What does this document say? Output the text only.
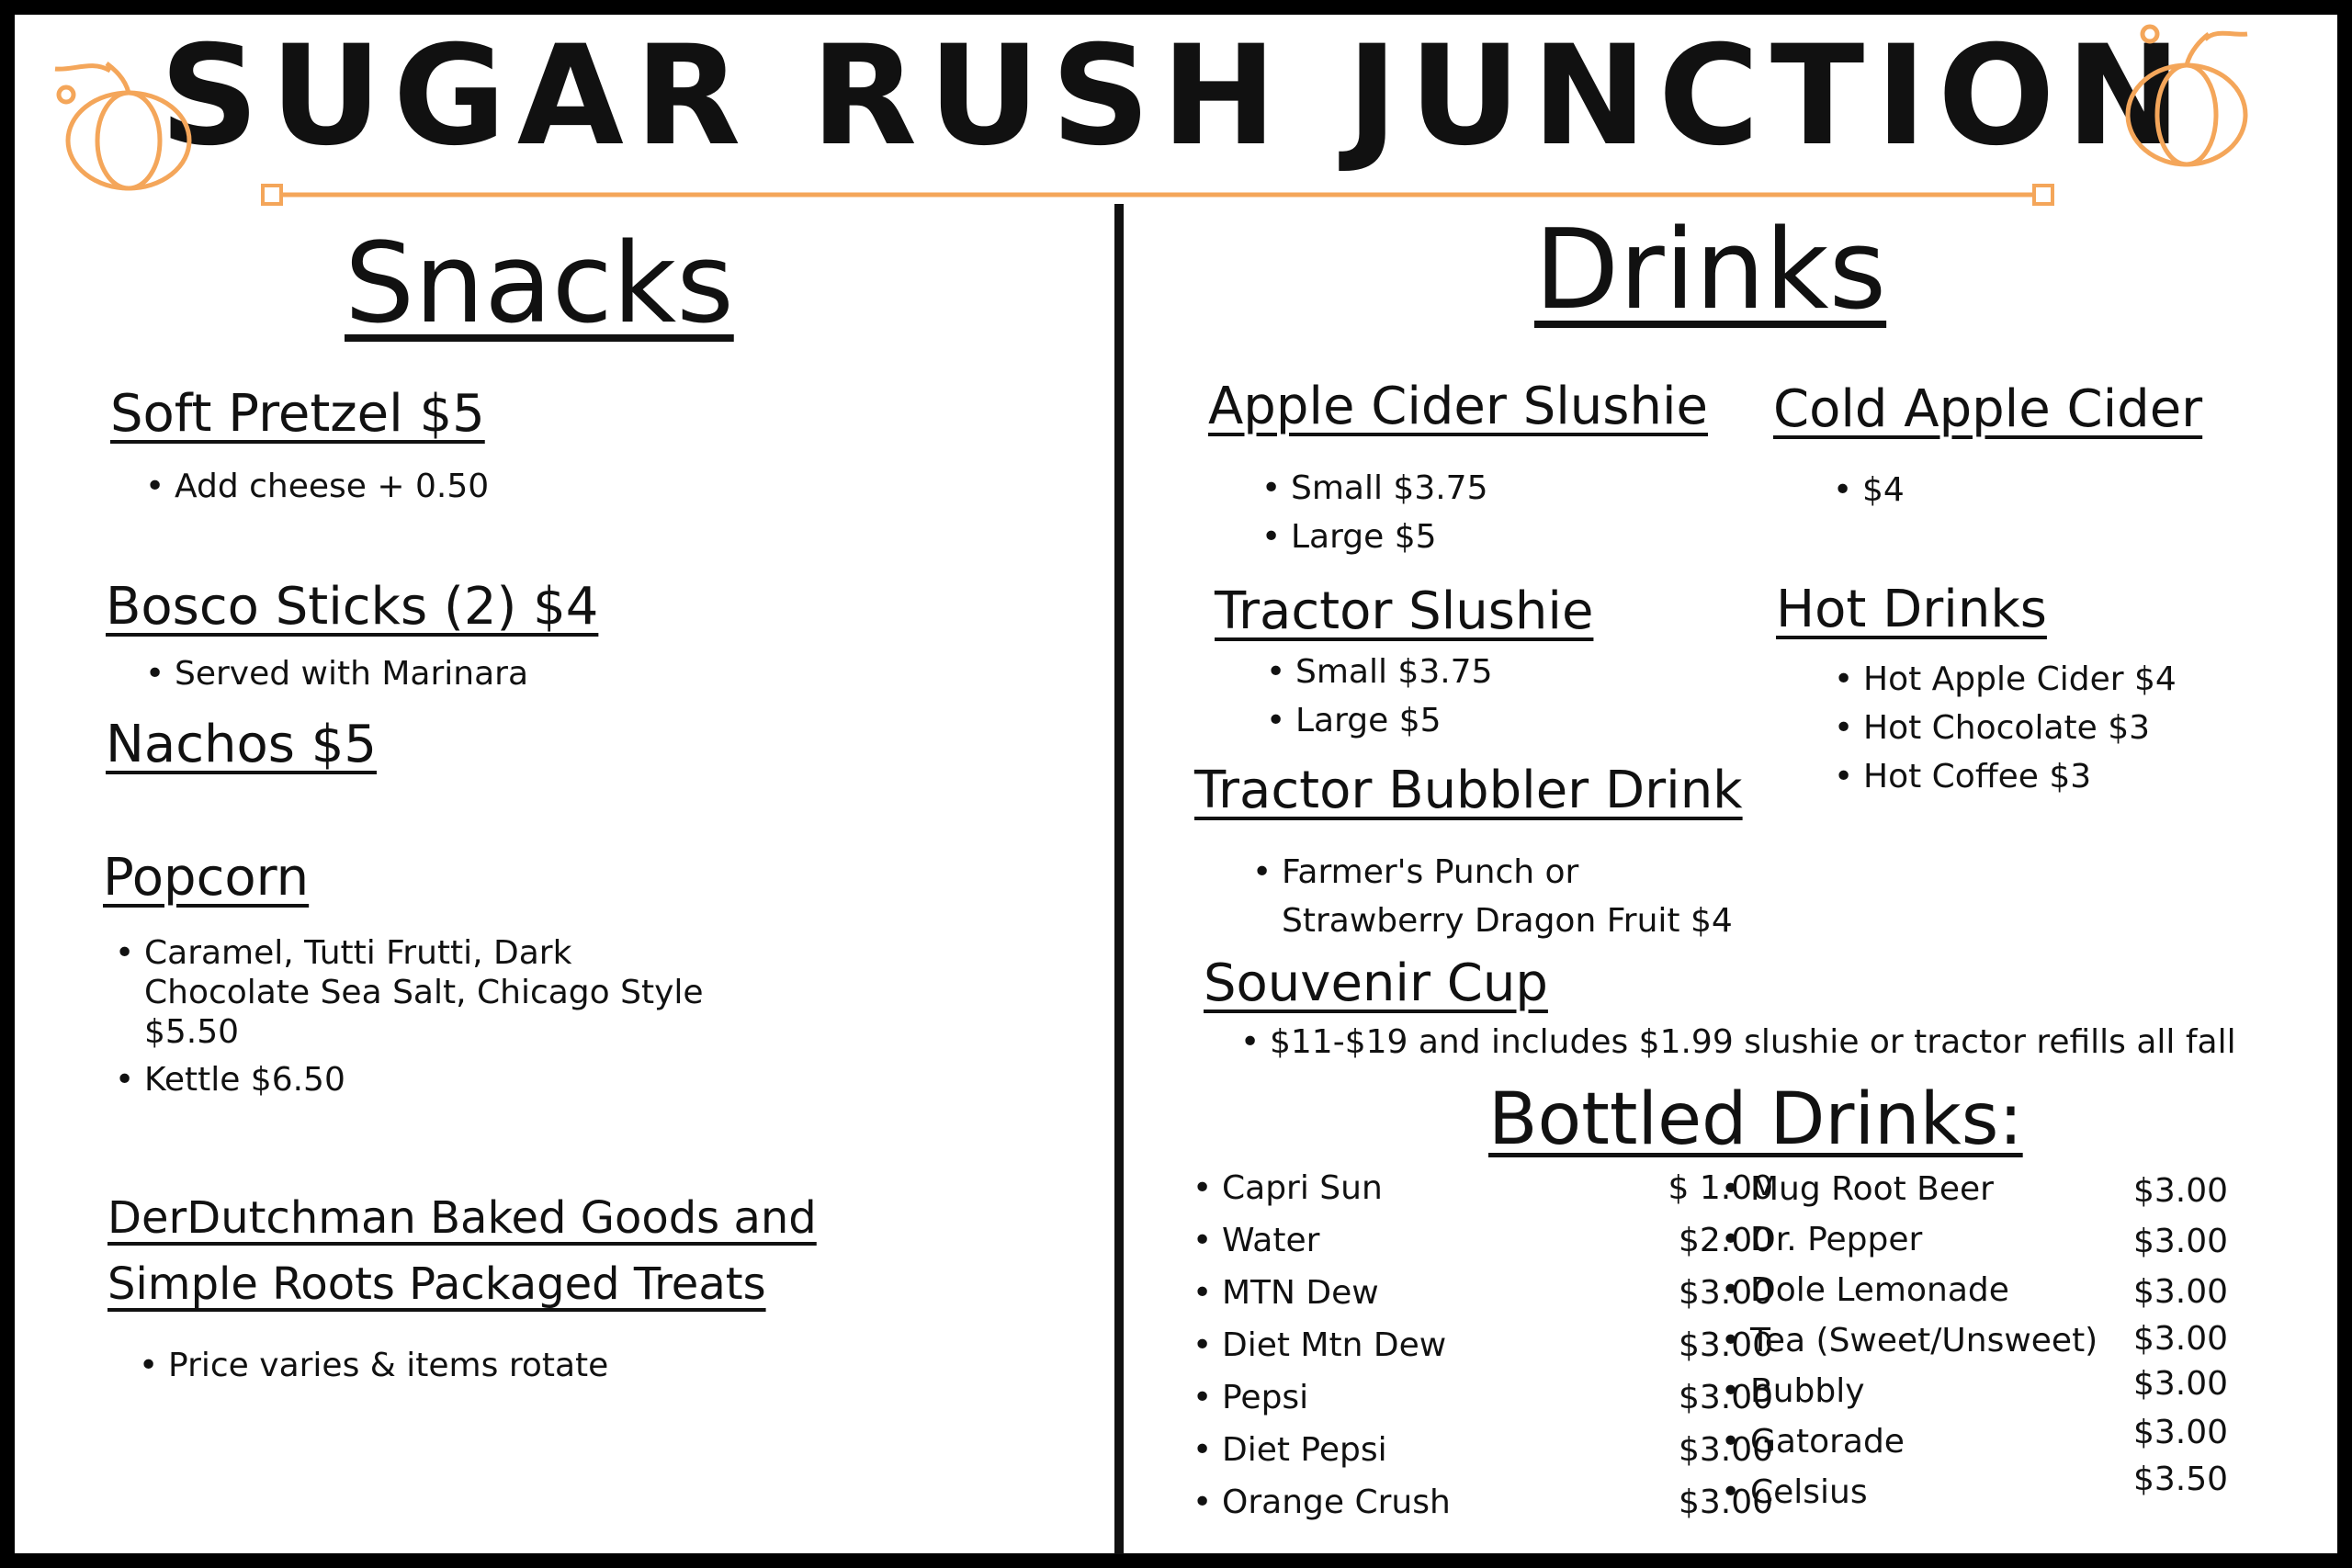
SUGAR RUSH JUNCTION
Snacks
Soft Pretzel $5
• Add cheese + 0.50
Bosco Sticks (2) $4
• Served with Marinara
Nachos $5
Popcorn
• Caramel, Tutti Frutti, Dark
Chocolate Sea Salt, Chicago Style
$5.50
• Kettle $6.50
DerDutchman Baked Goods and
Simple Roots Packaged Treats
• Price varies & items rotate
Drinks
Apple Cider Slushie
• Small $3.75
• Large $5
Cold Apple Cider
• $4
Tractor Slushie
• Small $3.75
• Large $5
Hot Drinks
• Hot Apple Cider $4
• Hot Chocolate $3
• Hot Coffee $3
Tractor Bubbler Drink
• Farmer's Punch or
Strawberry Dragon Fruit $4
Souvenir Cup
• $11-$19 and includes $1.99 slushie or tractor refills all fall
Bottled Drinks:
• Capri Sun	$ 1.00
• Water	$2.00
• MTN Dew	$3.00
• Diet Mtn Dew	$3.00
• Pepsi	$3.00
• Diet Pepsi	$3.00
• Orange Crush	$3.00
• Mug Root Beer	$3.00
• Dr. Pepper	$3.00
• Dole Lemonade	$3.00
• Tea (Sweet/Unsweet)	$3.00
• Bubbly	$3.00
• Gatorade	$3.00
• Celsius	$3.50
